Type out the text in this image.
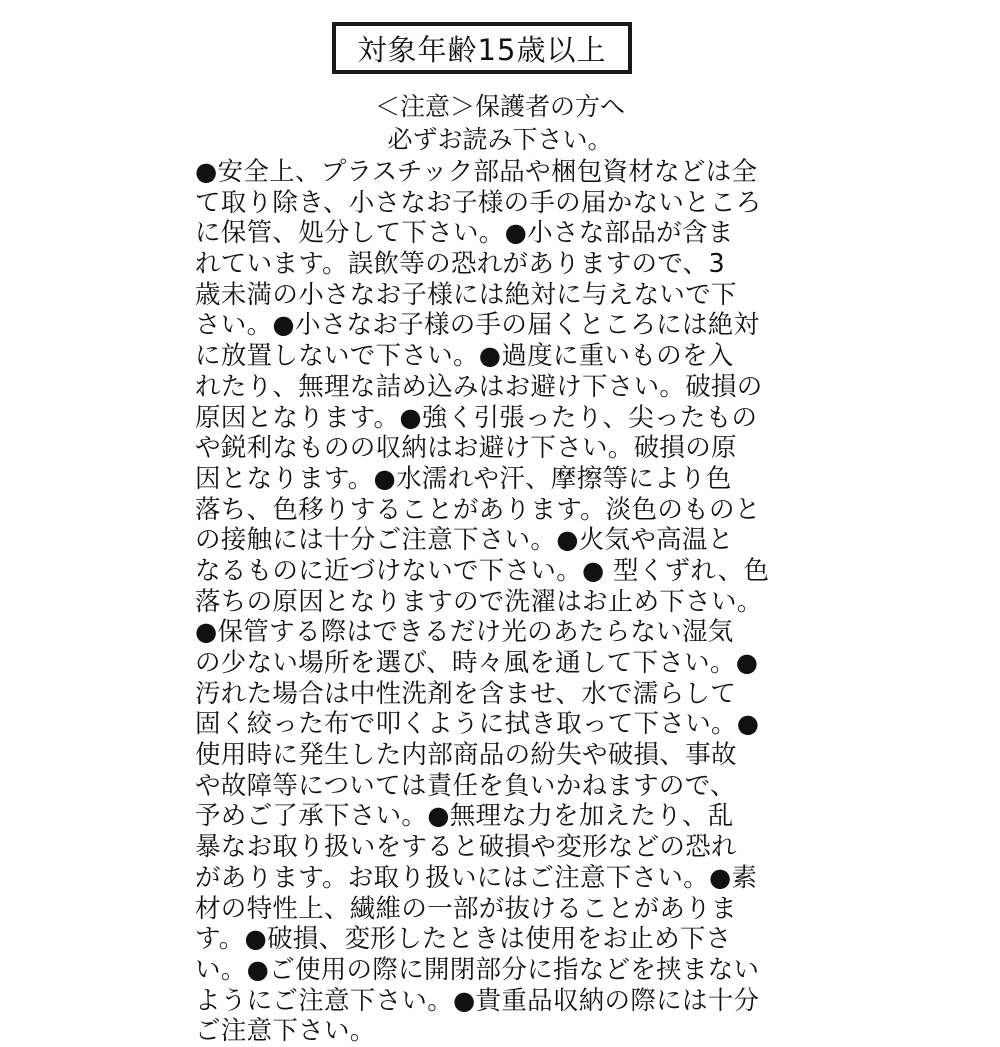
対象年齢15歳以上
＜注意＞保護者の方へ
必ずお読み下さい。
●安全上、プラスチック部品や梱包資材などは全
て取り除き、小さなお子様の手の届かないところ
に保管、処分して下さい。●小さな部品が含ま
れています。誤飲等の恐れがありますので、3
歳未満の小さなお子様には絶対に与えないで下
さい。●小さなお子様の手の届くところには絶対
に放置しないで下さい。●過度に重いものを入
れたり、無理な詰め込みはお避け下さい。破損の
原因となります。●強く引張ったり、尖ったもの
や鋭利なものの収納はお避け下さい。破損の原
因となります。●水濡れや汗、摩擦等により色
落ち、色移りすることがあります。淡色のものと
の接触には十分ご注意下さい。●火気や高温と
なるものに近づけないで下さい。● 型くずれ、色
落ちの原因となりますので洗濯はお止め下さい。
●保管する際はできるだけ光のあたらない湿気
の少ない場所を選び、時々風を通して下さい。●
汚れた場合は中性洗剤を含ませ、水で濡らして
固く絞った布で叩くように拭き取って下さい。●
使用時に発生した内部商品の紛失や破損、事故
や故障等については責任を負いかねますので、
予めご了承下さい。●無理な力を加えたり、乱
暴なお取り扱いをすると破損や変形などの恐れ
があります。お取り扱いにはご注意下さい。●素
材の特性上、繊維の一部が抜けることがありま
す。●破損、変形したときは使用をお止め下さ
い。●ご使用の際に開閉部分に指などを挟まない
ようにご注意下さい。●貴重品収納の際には十分
ご注意下さい。
